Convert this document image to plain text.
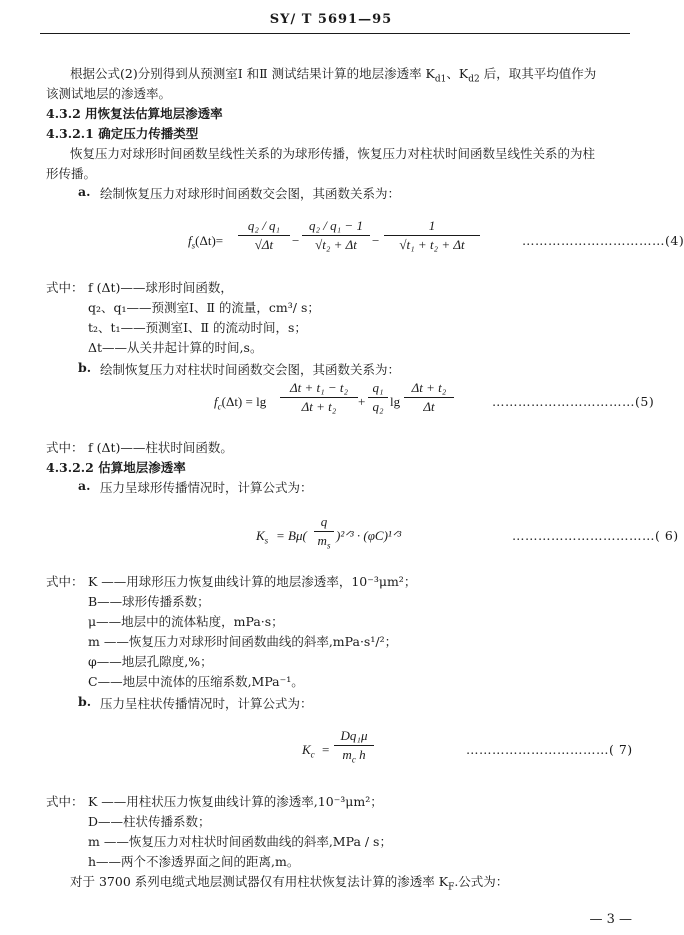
SY/ T 5691—95
根据公式(2)分别得到从预测室Ⅰ 和Ⅱ 测试结果计算的地层渗透率 $K_{d1}$、$K_{d2}$ 后，取其平均值作为
该测试地层的渗透率。
4.3.2 用恢复法估算地层渗透率
4.3.2.1 确定压力传播类型
恢复压力对球形时间函数呈线性关系的为球形传播，恢复压力对柱状时间函数呈线性关系的为柱
形传播。
a. 绘制恢复压力对球形时间函数交会图，其函数关系为：
$f_s(\Delta t)=$
q₂ / q₁
√Δt	−
q₂ / q₁ − 1
√t₂ + Δt	−
1
√t₁ + t₂ + Δt	……………………………(4)
式中： f (Δt)——球形时间函数，
q₂、q₁——预测室Ⅰ、Ⅱ 的流量，cm³/ s；
t₂、t₁——预测室Ⅰ、Ⅱ 的流动时间，s；
Δt——从关井起计算的时间,s。
b. 绘制恢复压力对柱状时间函数交会图，其函数关系为：
$f_c(\Delta t) = \lg$
Δt + t₁ − t₂
Δt + t₂	+
q₁
q₂ lg
Δt + t₂
Δt	……………………………(5)
式中： f (Δt)——柱状时间函数。
4.3.2.2 估算地层渗透率
a. 压力呈球形传播情况时，计算公式为：
$K_s = B\mu$(
q
$m_s$
)²ᐟ³ · (φC)¹ᐟ³	……………………………( 6)
式中： K ——用球形压力恢复曲线计算的地层渗透率，10⁻³μm²；
B——球形传播系数；
μ——地层中的流体粘度，mPa·s；
m ——恢复压力对球形时间函数曲线的斜率,mPa·s¹/²；
φ——地层孔隙度,%；
C——地层中流体的压缩系数,MPa⁻¹。
b. 压力呈柱状传播情况时，计算公式为：
$K_c$ =
Dq₁μ
$m_c$ h	……………………………( 7)
式中： K ——用柱状压力恢复曲线计算的渗透率,10⁻³μm²；
D——柱状传播系数；
m ——恢复压力对柱状时间函数曲线的斜率,MPa / s；
h——两个不渗透界面之间的距离,m。
对于 3700 系列电缆式地层测试器仅有用柱状恢复法计算的渗透率 $K_F$.公式为：
— 3 —
